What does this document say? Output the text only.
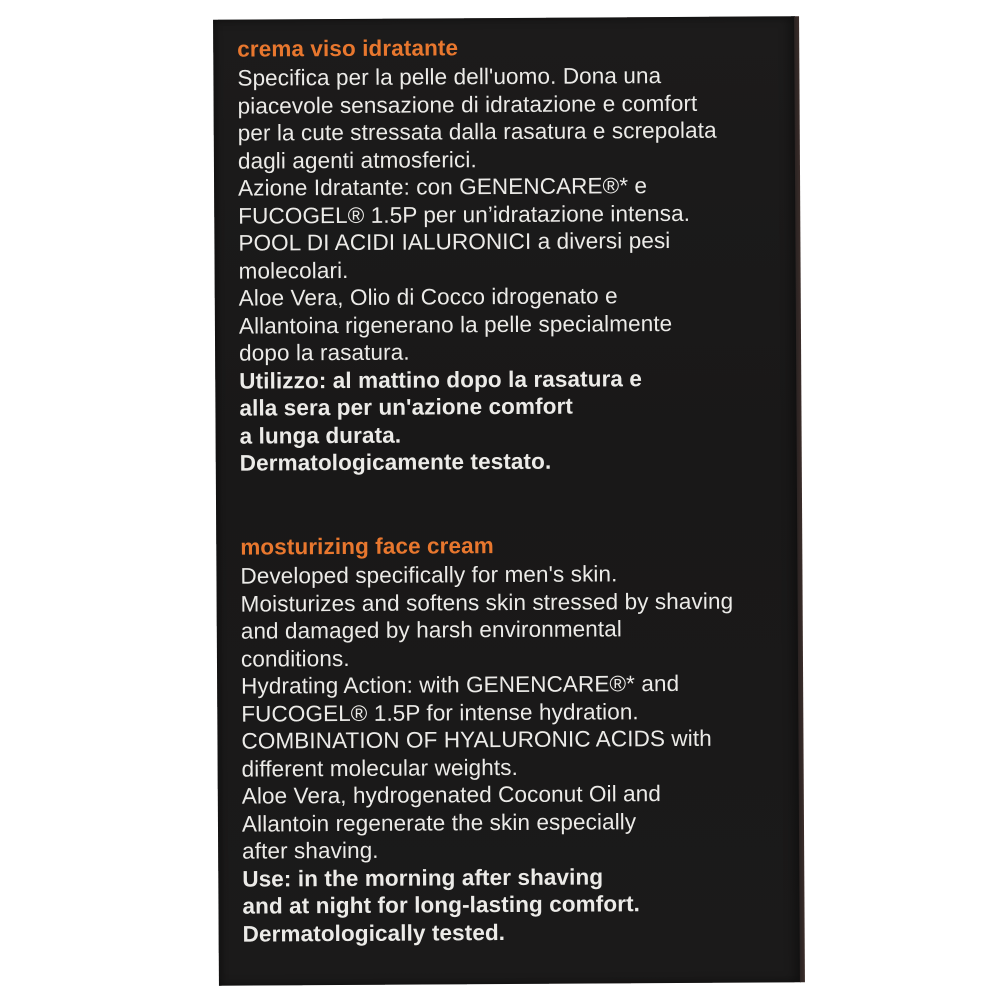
crema viso idratante
Specifica per la pelle dell'uomo. Dona una
piacevole sensazione di idratazione e comfort
per la cute stressata dalla rasatura e screpolata
dagli agenti atmosferici.
Azione Idratante: con GENENCARE®* e
FUCOGEL® 1.5P per un’idratazione intensa.
POOL DI ACIDI IALURONICI a diversi pesi
molecolari.
Aloe Vera, Olio di Cocco idrogenato e
Allantoina rigenerano la pelle specialmente
dopo la rasatura.
Utilizzo: al mattino dopo la rasatura e
alla sera per un'azione comfort
a lunga durata.
Dermatologicamente testato.
mosturizing face cream
Developed specifically for men's skin.
Moisturizes and softens skin stressed by shaving
and damaged by harsh environmental
conditions.
Hydrating Action: with GENENCARE®* and
FUCOGEL® 1.5P for intense hydration.
COMBINATION OF HYALURONIC ACIDS with
different molecular weights.
Aloe Vera, hydrogenated Coconut Oil and
Allantoin regenerate the skin especially
after shaving.
Use: in the morning after shaving
and at night for long-lasting comfort.
Dermatologically tested.
